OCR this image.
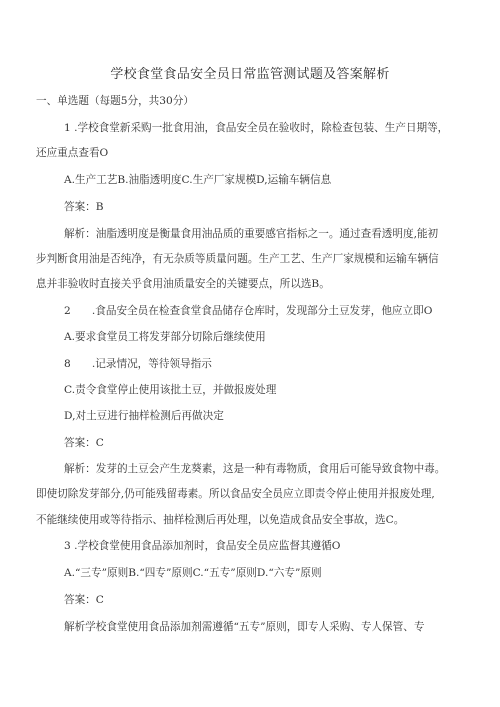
学校食堂食品安全员日常监管测试题及答案解析
一、单选题（每题5分，共30分）
1 .学校食堂新采购一批食用油，食品安全员在验收时，除检查包装、生产日期等，
还应重点查看O
A.生产工艺B.油脂透明度C.生产厂家规模D,运输车辆信息
答案：B
解析：油脂透明度是衡量食用油品质的重要感官指标之一。通过查看透明度,能初
步判断食用油是否纯净，有无杂质等质量问题。生产工艺、生产厂家规模和运输车辆信
息并非验收时直接关乎食用油质量安全的关键要点，所以选B。
2　　.食品安全员在检查食堂食品储存仓库时，发现部分土豆发芽，他应立即O
A.要求食堂员工将发芽部分切除后继续使用
8　　.记录情况，等待领导指示
C.责令食堂停止使用该批土豆，并做报废处理
D,对土豆进行抽样检测后再做决定
答案：C
解析：发芽的土豆会产生龙葵素，这是一种有毒物质，食用后可能导致食物中毒。
即使切除发芽部分,仍可能残留毒素。所以食品安全员应立即责令停止使用并报废处理,
不能继续使用或等待指示、抽样检测后再处理，以免造成食品安全事故，选C。
3 .学校食堂使用食品添加剂时，食品安全员应监督其遵循O
A.“三专”原则B.“四专”原则C.“五专”原则D.“六专”原则
答案：C
解析学校食堂使用食品添加剂需遵循“五专”原则，即专人采购、专人保管、专
